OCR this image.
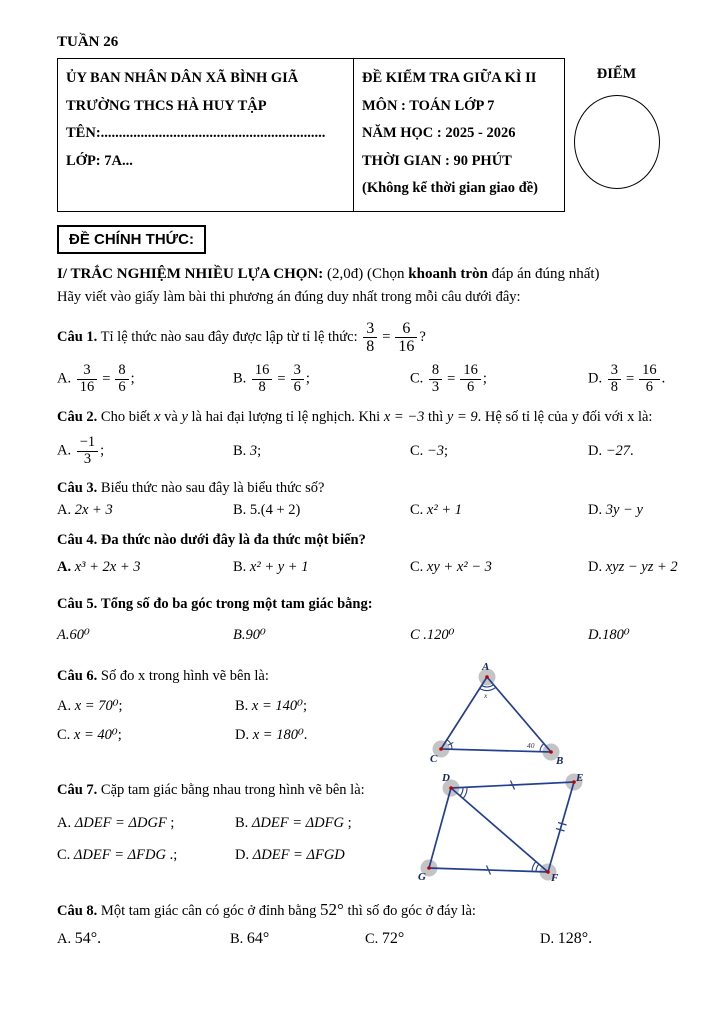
TUẦN 26
ỦY BAN NHÂN DÂN XÃ BÌNH GIÃ
TRƯỜNG THCS HÀ HUY TẬP
TÊN:..............................................................
LỚP: 7A...
ĐỀ KIỂM TRA GIỮA KÌ II
MÔN : TOÁN LỚP 7
NĂM HỌC : 2025 - 2026
THỜI GIAN : 90 PHÚT
(Không kể thời gian giao đề)
ĐIỂM
ĐỀ CHÍNH THỨC:
I/ TRẮC NGHIỆM NHIỀU LỰA CHỌN: (2,0đ) (Chọn khoanh tròn đáp án đúng nhất)
Hãy viết vào giấy làm bài thi phương án đúng duy nhất trong mỗi câu dưới đây:
Câu 1. Tỉ lệ thức nào sau đây được lập từ tỉ lệ thức: $\frac{3}{8} = \frac{6}{16}$ ?
A. $\frac{3}{16} = \frac{8}{6}$ ;	B. $\frac{16}{8} = \frac{3}{6}$ ;	C. $\frac{8}{3} = \frac{16}{6}$ ;	D. $\frac{3}{8} = \frac{16}{6}$ .
Câu 2. Cho biết x và y là hai đại lượng tỉ lệ nghịch. Khi x = −3 thì y = 9. Hệ số tỉ lệ của y đối với x là:
A. $\frac{-1}{3}$ ;	B. 3;	C. −3;	D. −27.
Câu 3. Biểu thức nào sau đây là biểu thức số?
A. 2x + 3	B. 5.(4 + 2)	C. x² + 1	D. 3y − y
Câu 4. Đa thức nào dưới đây là đa thức một biến?
A. x³ + 2x + 3	B. x² + y + 1	C. xy + x² − 3	D. xyz − yz + 2
Câu 5. Tổng số đo ba góc trong một tam giác bằng:
A.60⁰	B.90⁰	C .120⁰	D.180⁰
Câu 6. Số đo x trong hình vẽ bên là:
A. x = 70⁰;	B. x = 140⁰;
C. x = 40⁰;	D. x = 180⁰.
A
C	B
x
40
Câu 7. Cặp tam giác bằng nhau trong hình vẽ bên là:
A. ΔDEF = ΔDGF ;	B. ΔDEF = ΔDFG ;
C. ΔDEF = ΔFDG .;	D. ΔDEF = ΔFGD
D	E
G	F
Câu 8. Một tam giác cân có góc ở đỉnh bằng 52° thì số đo góc ở đáy là:
A. 54°.	B. 64°	C. 72°	D. 128°.
